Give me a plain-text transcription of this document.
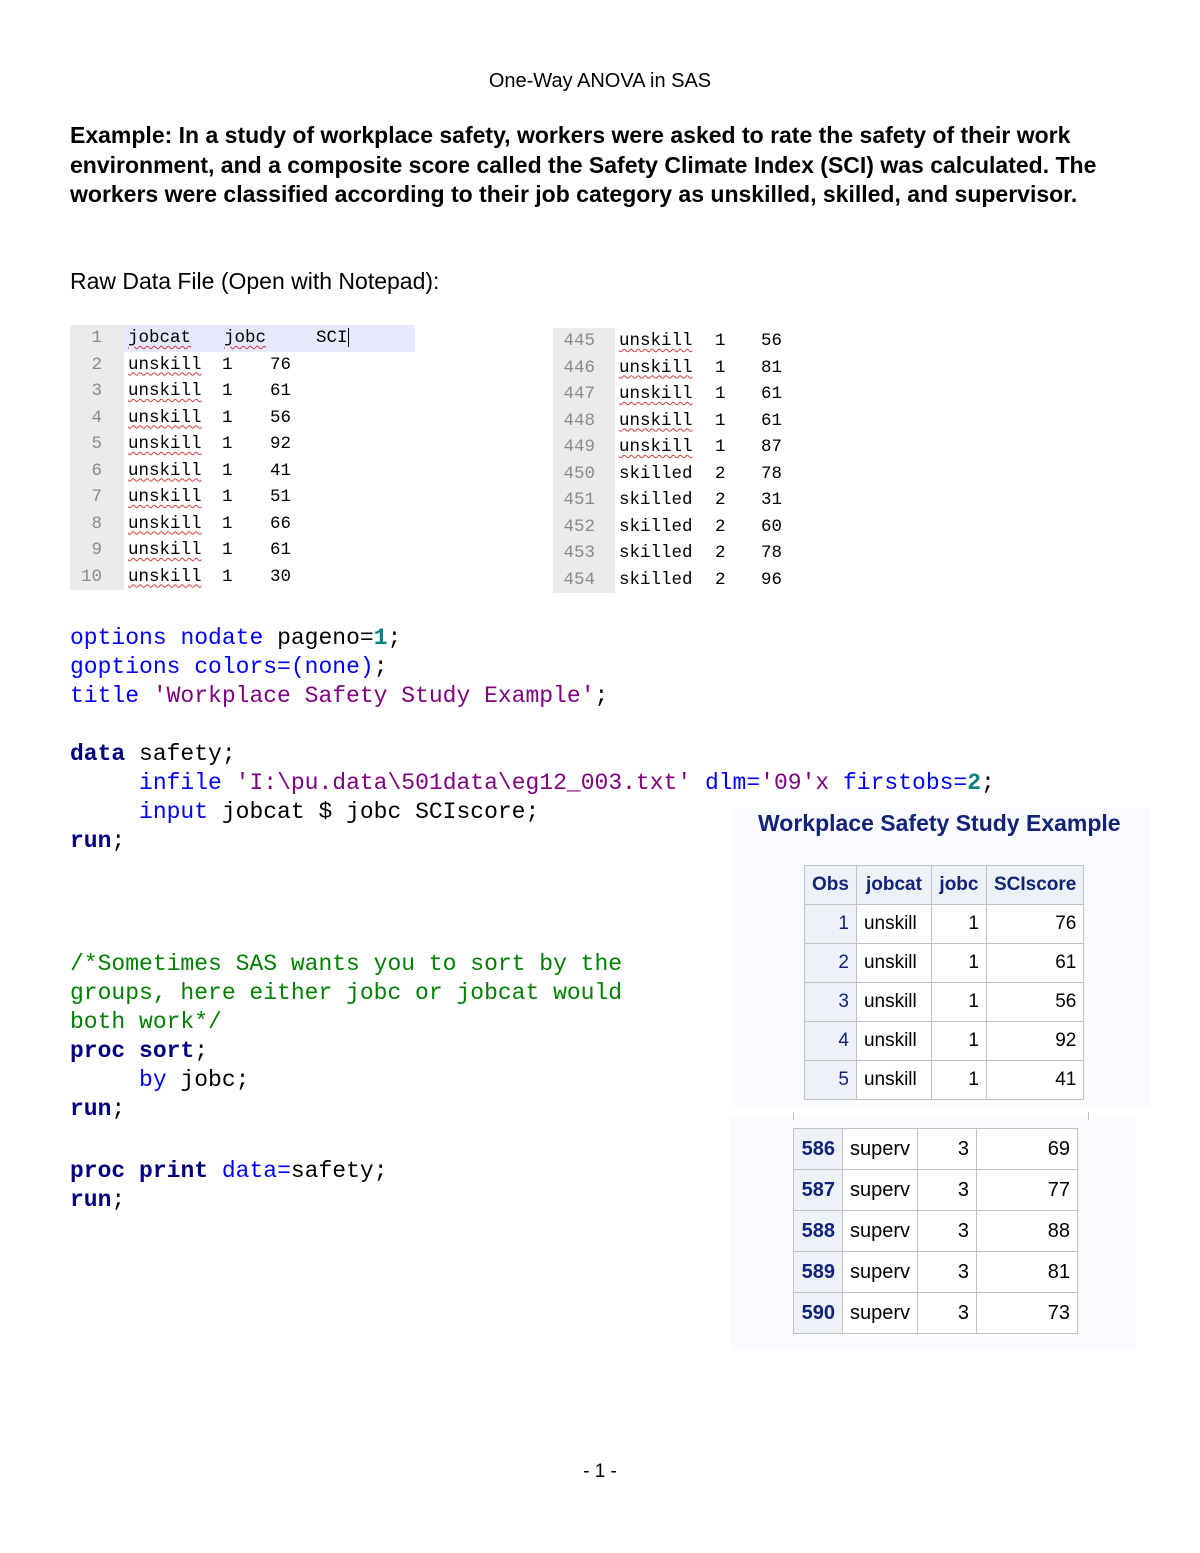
One-Way ANOVA in SAS
Example: In a study of workplace safety, workers were asked to rate the safety of their work environment, and a composite score called the Safety Climate Index (SCI) was calculated. The workers were classified according to their job category as unskilled, skilled, and supervisor.
Raw Data File (Open with Notepad):
1	jobcat jobc	SCI
2	unskill 1 76
3	unskill 1 61
4	unskill 1 56
5	unskill 1 92
6	unskill 1 41
7	unskill 1 51
8	unskill 1 66
9	unskill 1 61
10	unskill 1 30
445	unskill 1 56
446	unskill 1 81
447	unskill 1 61
448	unskill 1 61
449	unskill 1 87
450	skilled 2 78
451	skilled 2 31
452	skilled 2 60
453	skilled 2 78
454	skilled 2 96
options nodate pageno=1;
goptions colors=(none);
title 'Workplace Safety Study Example';
data safety;
infile 'I:\pu.data\501data\eg12_003.txt' dlm='09'x firstobs=2;
input jobcat $ jobc SCIscore;
run;
/*Sometimes SAS wants you to sort by the
groups, here either jobc or jobcat would
both work*/
proc sort;
by jobc;
run;
proc print data=safety;
run;
Workplace Safety Study Example
Obs	jobcat	jobc	SCIscore
1	unskill	1	76
2	unskill	1	61
3	unskill	1	56
4	unskill	1	92
5	unskill	1	41
586	superv	3	69
587	superv	3	77
588	superv	3	88
589	superv	3	81
590	superv	3	73
- 1 -
